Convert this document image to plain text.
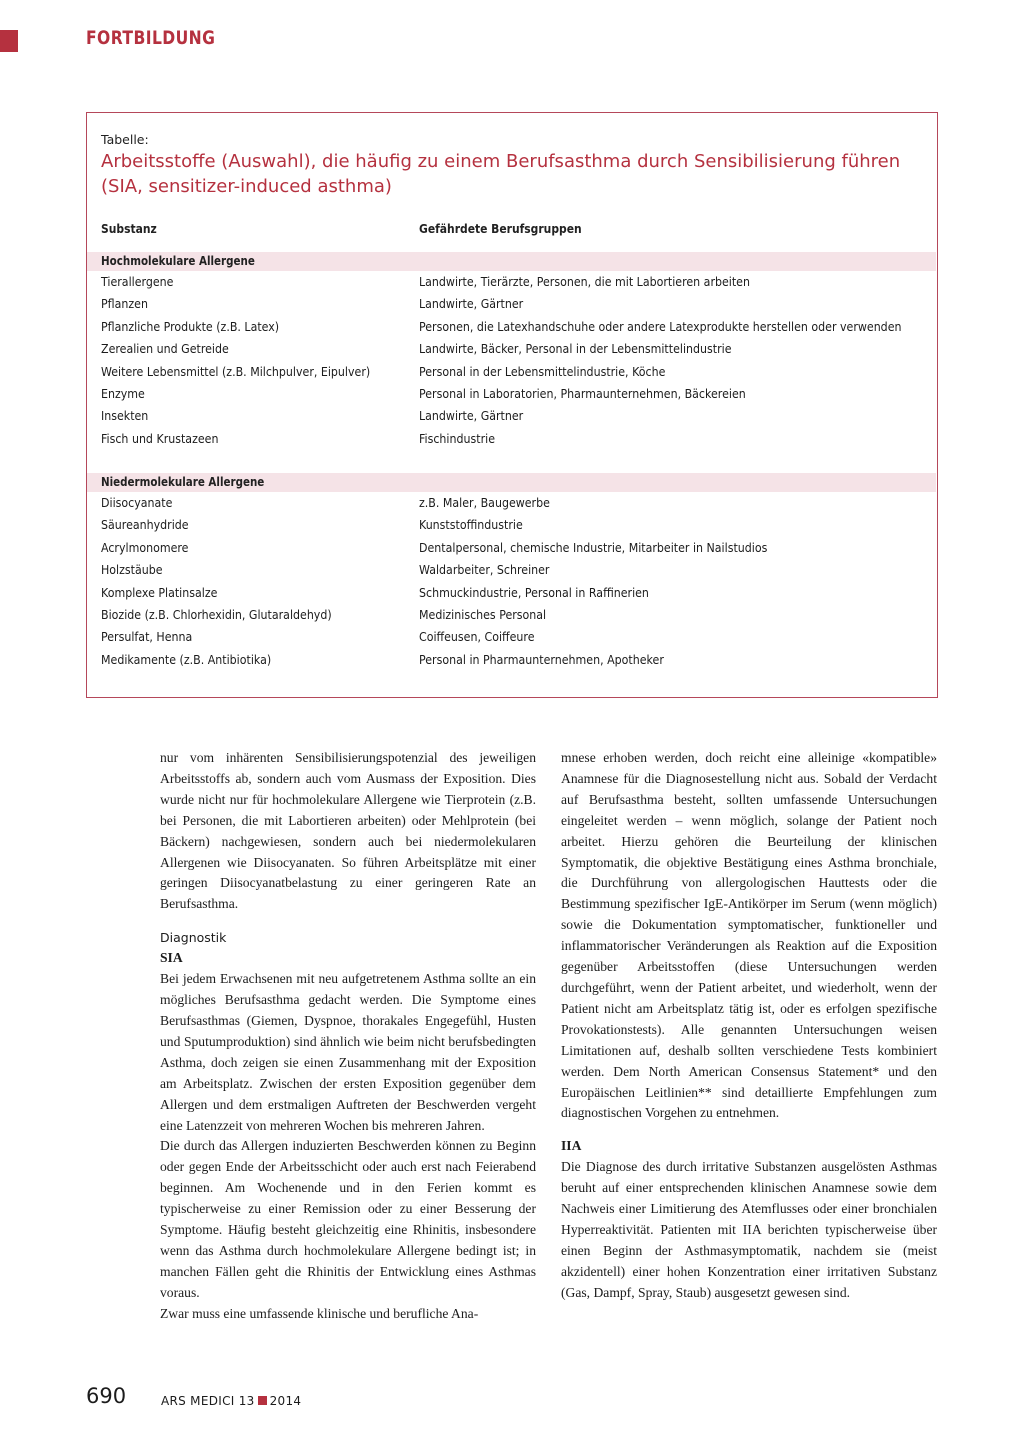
FORTBILDUNG
Tabelle:
Arbeitsstoffe (Auswahl), die häufig zu einem Berufsasthma durch Sensibilisierung führen (SIA, sensitizer-induced asthma)
Substanz	Gefährdete Berufsgruppen
Hochmolekulare Allergene
Tierallergene	Landwirte, Tierärzte, Personen, die mit Labortieren arbeiten
Pflanzen	Landwirte, Gärtner
Pflanzliche Produkte (z.B. Latex)	Personen, die Latexhandschuhe oder andere Latexprodukte herstellen oder verwenden
Zerealien und Getreide	Landwirte, Bäcker, Personal in der Lebensmittelindustrie
Weitere Lebensmittel (z.B. Milchpulver, Eipulver)	Personal in der Lebensmittelindustrie, Köche
Enzyme	Personal in Laboratorien, Pharmaunternehmen, Bäckereien
Insekten	Landwirte, Gärtner
Fisch und Krustazeen	Fischindustrie
Niedermolekulare Allergene
Diisocyanate	z.B. Maler, Baugewerbe
Säureanhydride	Kunststoffindustrie
Acrylmonomere	Dentalpersonal, chemische Industrie, Mitarbeiter in Nailstudios
Holzstäube	Waldarbeiter, Schreiner
Komplexe Platinsalze	Schmuckindustrie, Personal in Raffinerien
Biozide (z.B. Chlorhexidin, Glutaraldehyd)	Medizinisches Personal
Persulfat, Henna	Coiffeusen, Coiffeure
Medikamente (z.B. Antibiotika)	Personal in Pharmaunternehmen, Apotheker

nur vom inhärenten Sensibilisierungspotenzial des jeweiligen Arbeitsstoffs ab, sondern auch vom Ausmass der Exposition. Dies wurde nicht nur für hochmolekulare Allergene wie Tierprotein (z.B. bei Personen, die mit Labortieren arbeiten) oder Mehlprotein (bei Bäckern) nachgewiesen, sondern auch bei niedermolekularen Allergenen wie Diisocyanaten. So führen Arbeitsplätze mit einer geringen Diisocyanatbelastung zu einer geringeren Rate an Berufsasthma.

Diagnostik
SIA

Bei jedem Erwachsenen mit neu aufgetretenem Asthma sollte an ein mögliches Berufsasthma gedacht werden. Die Symptome eines Berufsasthmas (Giemen, Dyspnoe, thorakales Engegefühl, Husten und Sputumproduktion) sind ähnlich wie beim nicht berufsbedingten Asthma, doch zeigen sie einen Zusammenhang mit der Exposition am Arbeitsplatz. Zwischen der ersten Exposition gegenüber dem Allergen und dem erstmaligen Auftreten der Beschwerden vergeht eine Latenzzeit von mehreren Wochen bis mehreren Jahren.

Die durch das Allergen induzierten Beschwerden können zu Beginn oder gegen Ende der Arbeitsschicht oder auch erst nach Feierabend beginnen. Am Wochenende und in den Ferien kommt es typischerweise zu einer Remission oder zu einer Besserung der Symptome. Häufig besteht gleichzeitig eine Rhinitis, insbesondere wenn das Asthma durch hochmolekulare Allergene bedingt ist; in manchen Fällen geht die Rhinitis der Entwicklung eines Asthmas voraus.

Zwar muss eine umfassende klinische und berufliche Ana-

mnese erhoben werden, doch reicht eine alleinige «kompatible» Anamnese für die Diagnosestellung nicht aus. Sobald der Verdacht auf Berufsasthma besteht, sollten umfassende Untersuchungen eingeleitet werden – wenn möglich, solange der Patient noch arbeitet. Hierzu gehören die Beurteilung der klinischen Symptomatik, die objektive Bestätigung eines Asthma bronchiale, die Durchführung von allergologischen Hauttests oder die Bestimmung spezifischer IgE-Antikörper im Serum (wenn möglich) sowie die Dokumentation symptomatischer, funktioneller und inflammatorischer Veränderungen als Reaktion auf die Exposition gegenüber Arbeitsstoffen (diese Untersuchungen werden durchgeführt, wenn der Patient arbeitet, und wiederholt, wenn der Patient nicht am Arbeitsplatz tätig ist, oder es erfolgen spezifische Provokationstests). Alle genannten Untersuchungen weisen Limitationen auf, deshalb sollten verschiedene Tests kombiniert werden. Dem North American Consensus Statement* und den Europäischen Leitlinien** sind detaillierte Empfehlungen zum diagnostischen Vorgehen zu entnehmen.

IIA

Die Diagnose des durch irritative Substanzen ausgelösten Asthmas beruht auf einer entsprechenden klinischen Anamnese sowie dem Nachweis einer Limitierung des Atemflusses oder einer bronchialen Hyperreaktivität. Patienten mit IIA berichten typischerweise über einen Beginn der Asthmasymptomatik, nachdem sie (meist akzidentell) einer hohen Konzentration einer irritativen Substanz (Gas, Dampf, Spray, Staub) ausgesetzt gewesen sind.

690	ARS MEDICI 13 2014
